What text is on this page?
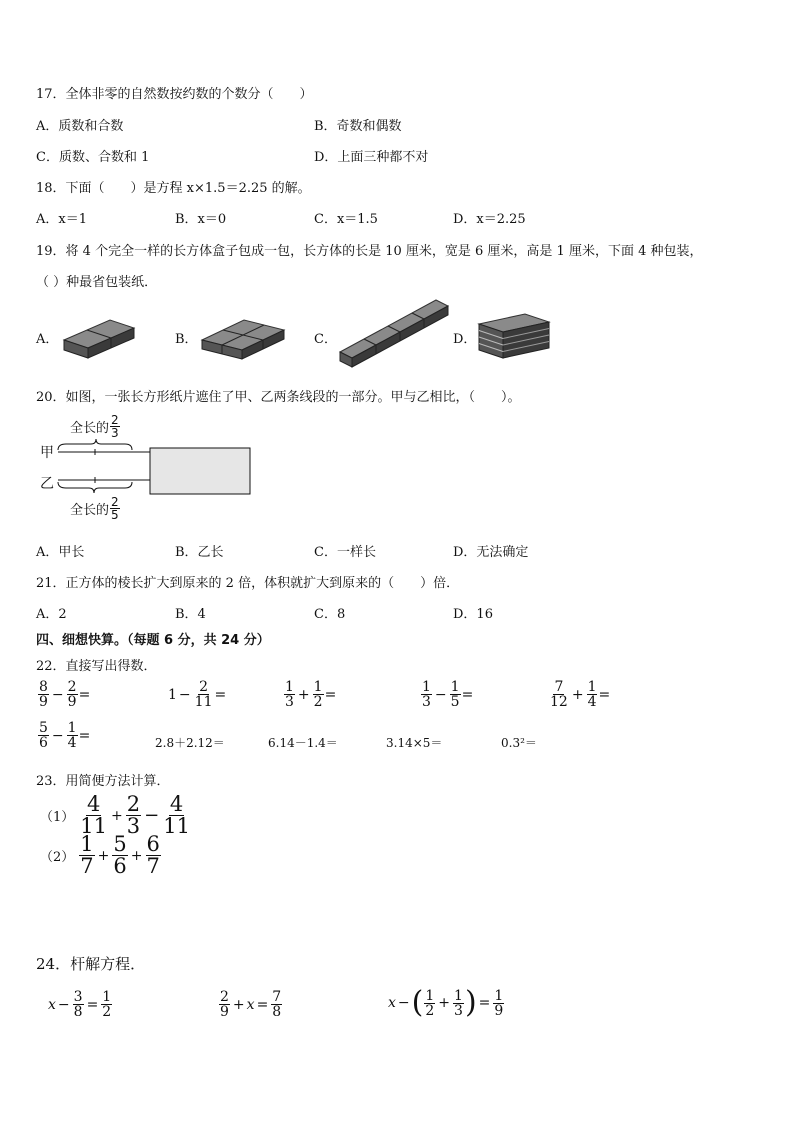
17．全体非零的自然数按约数的个数分（　　）
A．质数和合数	B．奇数和偶数
C．质数、合数和 1	D．上面三种都不对
18．下面（　　）是方程 x×1.5＝2.25 的解。
A．x＝1	B．x＝0	C．x＝1.5	D．x＝2.25
19．将 4 个完全一样的长方体盒子包成一包，长方体的长是 10 厘米，宽是 6 厘米，高是 1 厘米，下面 4 种包装，
（ ）种最省包装纸．
A．	B．	C．	D．
20．如图，一张长方形纸片遮住了甲、乙两条线段的一部分。甲与乙相比，（　　）。
甲
乙
全长的 $\frac{2}{3}$
全长的 $\frac{2}{5}$
A．甲长	B．乙长	C．一样长	D．无法确定
21．正方体的棱长扩大到原来的 2 倍，体积就扩大到原来的（　　）倍．
A．2	B．4	C．8	D．16
四、细想快算。（每题 6 分，共 24 分）
22．直接写出得数．
$\frac{8}{9} - \frac{2}{9}$ =	$1 - \frac{2}{11}$ =	$\frac{1}{3} + \frac{1}{2}$ =	$\frac{1}{3} - \frac{1}{5}$ =	$\frac{7}{12} + \frac{1}{4}$ =
$\frac{5}{6} - \frac{1}{4}$ =	2.8＋2.12＝	6.14－1.4＝	3.14×5＝	0.3²＝
23．用简便方法计算．
$(1) \frac{4}{11} + \frac{2}{3} - \frac{4}{11}$
$(2) \frac{1}{7} + \frac{5}{6} + \frac{6}{7}$
24．杆解方程．
$x - \frac{3}{8} = \frac{1}{2}$	$\frac{2}{9} + x = \frac{7}{8}$	x − ( $\frac{1}{2} + \frac{1}{3}$ ) = $\frac{1}{9}$
